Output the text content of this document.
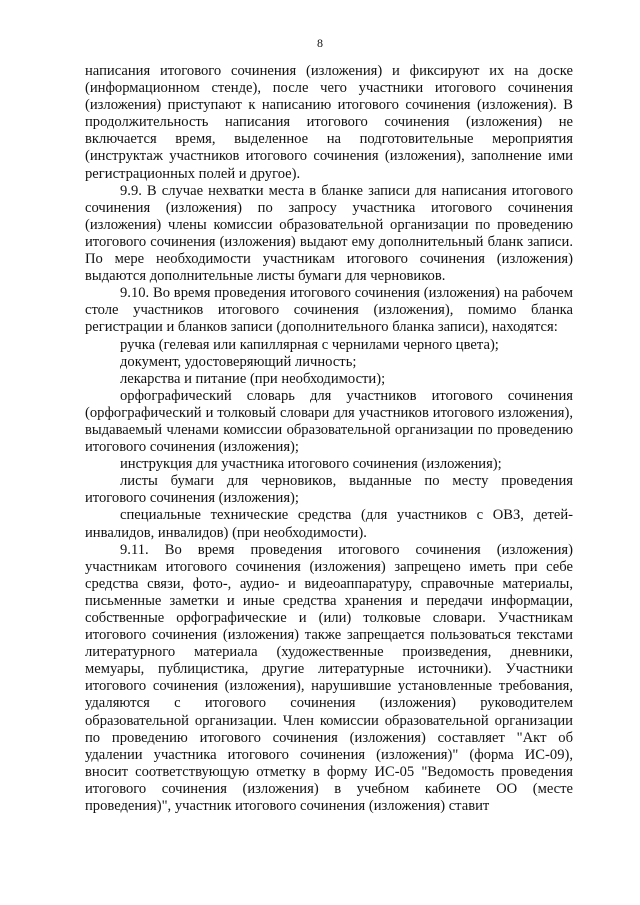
8

написания итогового сочинения (изложения) и фиксируют их на доске (информационном стенде), после чего участники итогового сочинения (изложения) приступают к написанию итогового сочинения (изложения). В продолжительность написания итогового сочинения (изложения) не включается время, выделенное на подготовительные мероприятия (инструктаж участников итогового сочинения (изложения), заполнение ими регистрационных полей и другое).

9.9. В случае нехватки места в бланке записи для написания итогового сочинения (изложения) по запросу участника итогового сочинения (изложения) члены комиссии образовательной организации по проведению итогового сочинения (изложения) выдают ему дополнительный бланк записи. По мере необходимости участникам итогового сочинения (изложения) выдаются дополнительные листы бумаги для черновиков.

9.10. Во время проведения итогового сочинения (изложения) на рабочем столе участников итогового сочинения (изложения), помимо бланка регистрации и бланков записи (дополнительного бланка записи), находятся:

ручка (гелевая или капиллярная с чернилами черного цвета);

документ, удостоверяющий личность;

лекарства и питание (при необходимости);

орфографический словарь для участников итогового сочинения (орфографический и толковый словари для участников итогового изложения), выдаваемый членами комиссии образовательной организации по проведению итогового сочинения (изложения);

инструкция для участника итогового сочинения (изложения);

листы бумаги для черновиков, выданные по месту проведения итогового сочинения (изложения);

специальные технические средства (для участников с ОВЗ, детей-инвалидов, инвалидов) (при необходимости).

9.11. Во время проведения итогового сочинения (изложения) участникам итогового сочинения (изложения) запрещено иметь при себе средства связи, фото-, аудио- и видеоаппаратуру, справочные материалы, письменные заметки и иные средства хранения и передачи информации, собственные орфографические и (или) толковые словари. Участникам итогового сочинения (изложения) также запрещается пользоваться текстами литературного материала (художественные произведения, дневники, мемуары, публицистика, другие литературные источники). Участники итогового сочинения (изложения), нарушившие установленные требования, удаляются с итогового сочинения (изложения) руководителем образовательной организации. Член комиссии образовательной организации по проведению итогового сочинения (изложения) составляет "Акт об удалении участника итогового сочинения (изложения)" (форма ИС-09), вносит соответствующую отметку в форму ИС-05 "Ведомость проведения итогового сочинения (изложения) в учебном кабинете ОО (месте проведения)", участник итогового сочинения (изложения) ставит
